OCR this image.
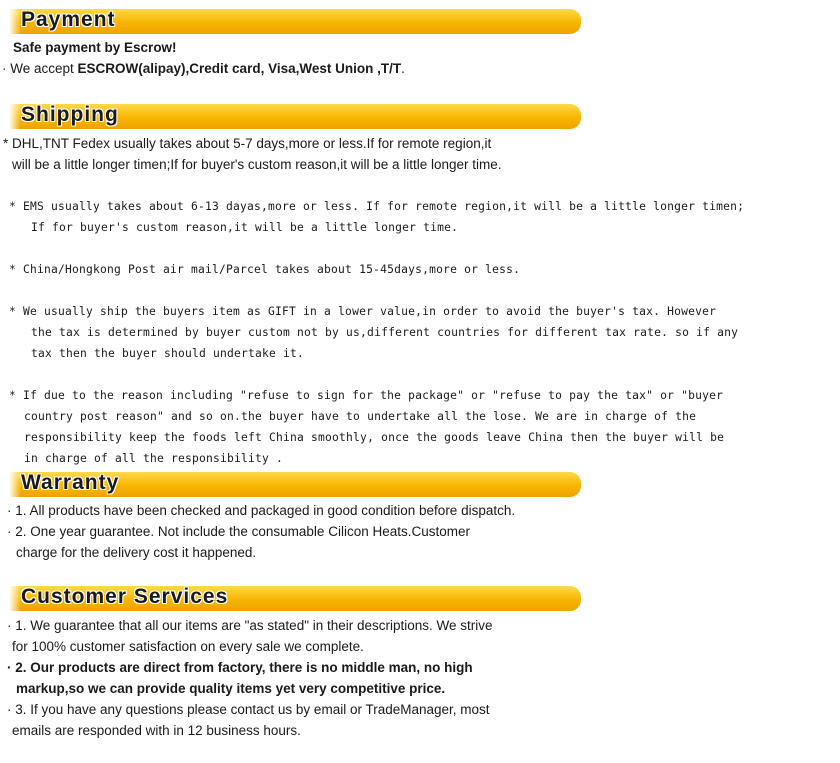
Payment
Safe payment by Escrow!
· We accept ESCROW(alipay),Credit card, Visa,West Union ,T/T.
Shipping
* DHL,TNT Fedex usually takes about 5-7 days,more or less.If for remote region,it
will be a little longer timen;If for buyer's custom reason,it will be a little longer time.
* EMS usually takes about 6-13 dayas,more or less. If for remote region,it will be a little longer timen;
If for buyer's custom reason,it will be a little longer time.
* China/Hongkong Post air mail/Parcel takes about 15-45days,more or less.
* We usually ship the buyers item as GIFT in a lower value,in order to avoid the buyer's tax. However
the tax is determined by buyer custom not by us,different countries for different tax rate. so if any
tax then the buyer should undertake it.
* If due to the reason including "refuse to sign for the package" or "refuse to pay the tax" or "buyer
country post reason" and so on.the buyer have to undertake all the lose. We are in charge of the
responsibility keep the foods left China smoothly, once the goods leave China then the buyer will be
in charge of all the responsibility .
Warranty
· 1. All products have been checked and packaged in good condition before dispatch.
· 2. One year guarantee. Not include the consumable Cilicon Heats.Customer
charge for the delivery cost it happened.
Customer Services
· 1. We guarantee that all our items are "as stated" in their descriptions. We strive
for 100% customer satisfaction on every sale we complete.
· 2. Our products are direct from factory, there is no middle man, no high
markup,so we can provide quality items yet very competitive price.
· 3. If you have any questions please contact us by email or TradeManager, most
emails are responded with in 12 business hours.
